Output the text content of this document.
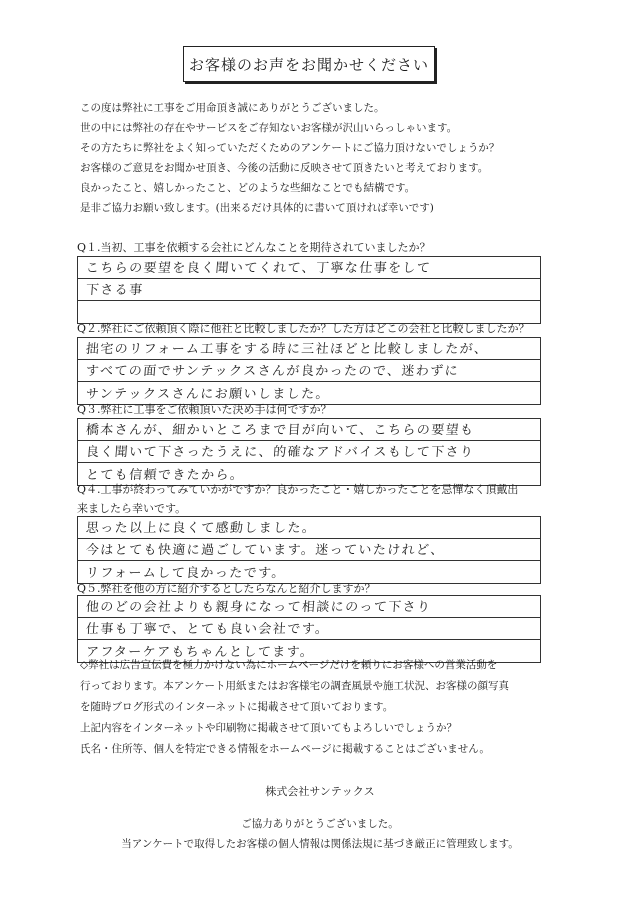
お客様のお声をお聞かせください
この度は弊社に工事をご用命頂き誠にありがとうございました。
世の中には弊社の存在やサービスをご存知ないお客様が沢山いらっしゃいます。
その方たちに弊社をよく知っていただくためのアンケートにご協力頂けないでしょうか？
お客様のご意見をお聞かせ頂き、今後の活動に反映させて頂きたいと考えております。
良かったこと、嬉しかったこと、どのような些細なことでも結構です。
是非ご協力お願い致します。(出来るだけ具体的に書いて頂ければ幸いです)
Q１.当初、工事を依頼する会社にどんなことを期待されていましたか？
こちらの要望を良く聞いてくれて、丁寧な仕事をして
下さる事
Q２.弊社にご依頼頂く際に他社と比較しましたか？した方はどこの会社と比較しましたか？
拙宅のリフォーム工事をする時に三社ほどと比較しましたが、
すべての面でサンテックスさんが良かったので、迷わずに
サンテックスさんにお願いしました。
Q３.弊社に工事をご依頼頂いた決め手は何ですか？
橋本さんが、細かいところまで目が向いて、こちらの要望も
良く聞いて下さったうえに、的確なアドバイスもして下さり
とても信頼できたから。
Q４.工事が終わってみていかがですか？良かったこと・嬉しかったことを忌憚なく頂戴出
来ましたら幸いです。
思った以上に良くて感動しました。
今はとても快適に過ごしています。迷っていたけれど、
リフォームして良かったです。
Q５.弊社を他の方に紹介するとしたらなんと紹介しますか？
他のどの会社よりも親身になって相談にのって下さり
仕事も丁寧で、とても良い会社です。
アフターケアもちゃんとしてます。
◇弊社は広告宣伝費を極力かけない為にホームページだけを頼りにお客様への営業活動を
行っております。本アンケート用紙またはお客様宅の調査風景や施工状況、お客様の顔写真
を随時ブログ形式のインターネットに掲載させて頂いております。
上記内容をインターネットや印刷物に掲載させて頂いてもよろしいでしょうか？
氏名・住所等、個人を特定できる情報をホームページに掲載することはございません。
株式会社サンテックス
ご協力ありがとうございました。
当アンケートで取得したお客様の個人情報は関係法規に基づき厳正に管理致します。
